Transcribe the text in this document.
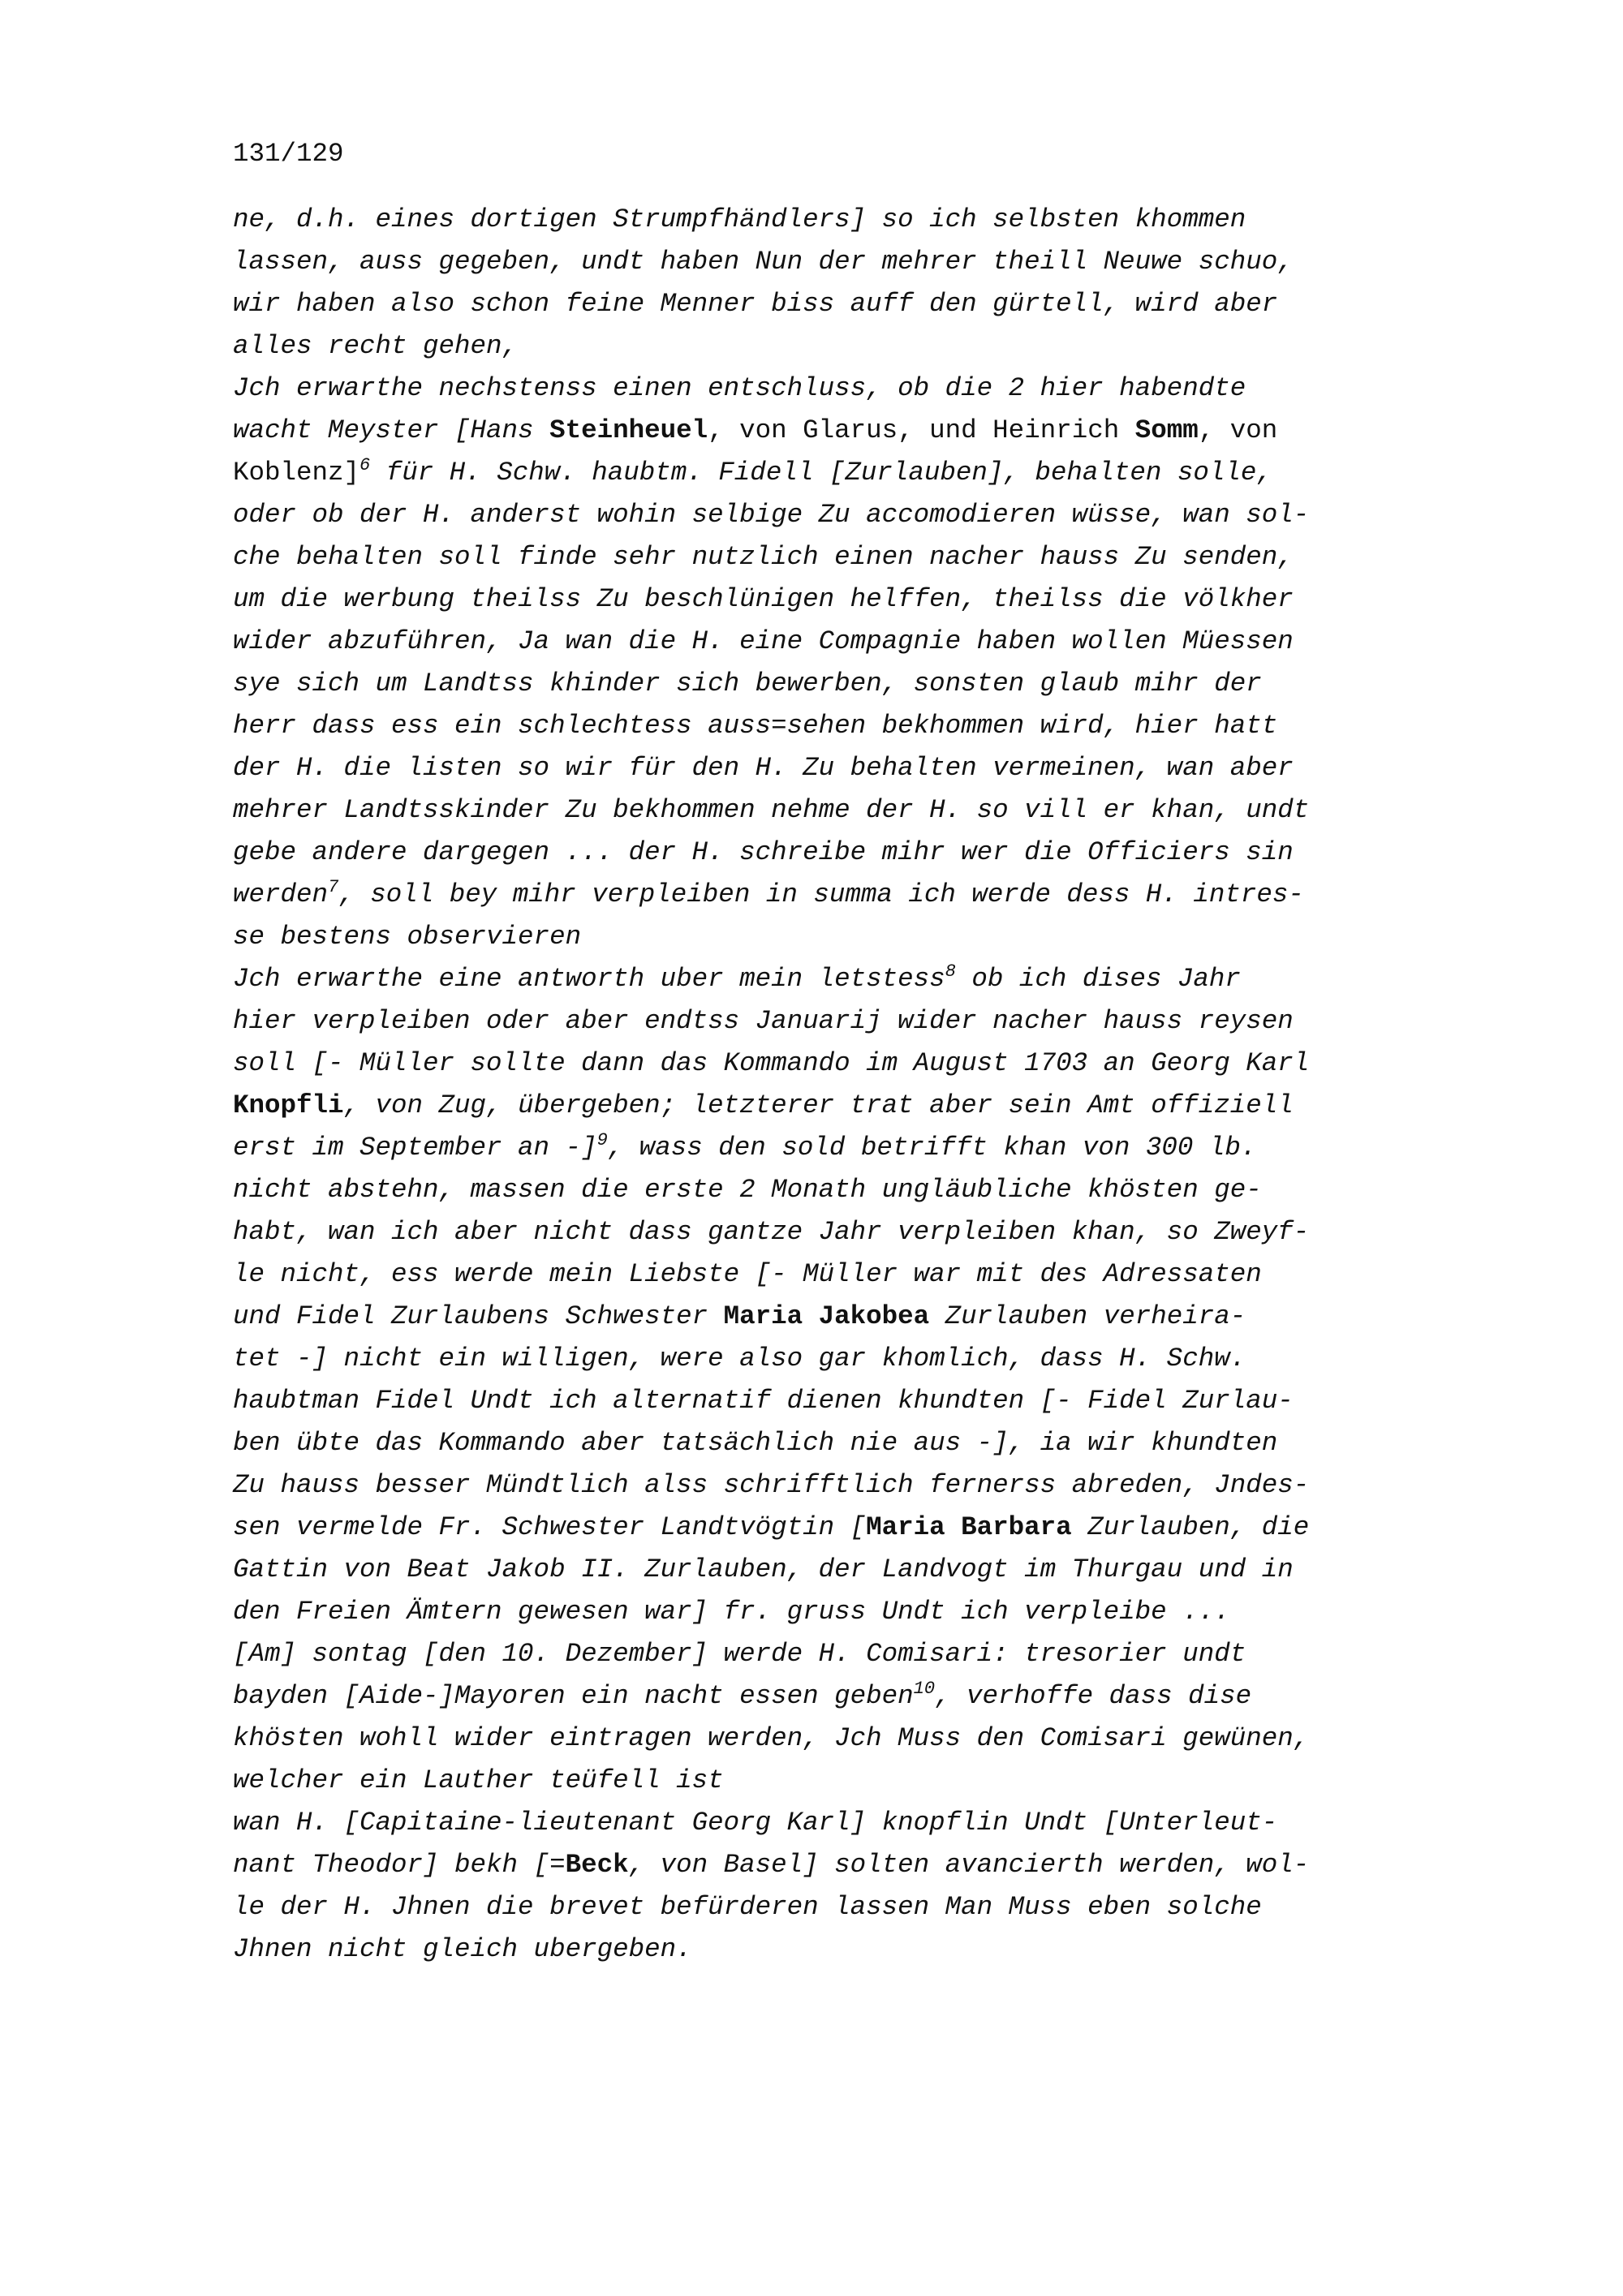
131/129
ne, d.h. eines dortigen Strumpfhändlers] so ich selbsten khommen
lassen, auss gegeben, undt haben Nun der mehrer theill Neuwe schuo,
wir haben also schon feine Menner biss auff den gürtell, wird aber
alles recht gehen,
Jch erwarthe nechstenss einen entschluss, ob die 2 hier habendte
wacht Meyster [Hans Steinheuel, von Glarus, und Heinrich Somm, von
Koblenz]$^6$ für H. Schw. haubtm. Fidell [Zurlauben], behalten solle,
oder ob der H. anderst wohin selbige Zu accomodieren wüsse, wan sol-
che behalten soll finde sehr nutzlich einen nacher hauss Zu senden,
um die werbung theilss Zu beschlünigen helffen, theilss die völkher
wider abzuführen, Ja wan die H. eine Compagnie haben wollen Müessen
sye sich um Landtss khinder sich bewerben, sonsten glaub mihr der
herr dass ess ein schlechtess auss=sehen bekhommen wird, hier hatt
der H. die listen so wir für den H. Zu behalten vermeinen, wan aber
mehrer Landtsskinder Zu bekhommen nehme der H. so vill er khan, undt
gebe andere dargegen ... der H. schreibe mihr wer die Officiers sin
werden$^7$, soll bey mihr verpleiben in summa ich werde dess H. intres-
se bestens observieren
Jch erwarthe eine antworth uber mein letstess$^8$ ob ich dises Jahr
hier verpleiben oder aber endtss Januarij wider nacher hauss reysen
soll [- Müller sollte dann das Kommando im August 1703 an Georg Karl
Knopfli, von Zug, übergeben; letzterer trat aber sein Amt offiziell
erst im September an -]$^9$, wass den sold betrifft khan von 300 lb.
nicht abstehn, massen die erste 2 Monath ungläubliche khösten ge-
habt, wan ich aber nicht dass gantze Jahr verpleiben khan, so Zweyf-
le nicht, ess werde mein Liebste [- Müller war mit des Adressaten
und Fidel Zurlaubens Schwester Maria Jakobea Zurlauben verheira-
tet -] nicht ein willigen, were also gar khomlich, dass H. Schw.
haubtman Fidel Undt ich alternatif dienen khundten [- Fidel Zurlau-
ben übte das Kommando aber tatsächlich nie aus -], ia wir khundten
Zu hauss besser Mündtlich alss schrifftlich fernerss abreden, Jndes-
sen vermelde Fr. Schwester Landtvögtin [Maria Barbara Zurlauben, die
Gattin von Beat Jakob II. Zurlauben, der Landvogt im Thurgau und in
den Freien Ämtern gewesen war] fr. gruss Undt ich verpleibe ...
[Am] sontag [den 10. Dezember] werde H. Comisari: tresorier undt
bayden [Aide-]Mayoren ein nacht essen geben$^{10}$, verhoffe dass dise
khösten wohll wider eintragen werden, Jch Muss den Comisari gewünen,
welcher ein Lauther teüfell ist
wan H. [Capitaine-lieutenant Georg Karl] knopflin Undt [Unterleut-
nant Theodor] bekh [=Beck, von Basel] solten avancierth werden, wol-
le der H. Jhnen die brevet befürderen lassen Man Muss eben solche
Jhnen nicht gleich ubergeben.
